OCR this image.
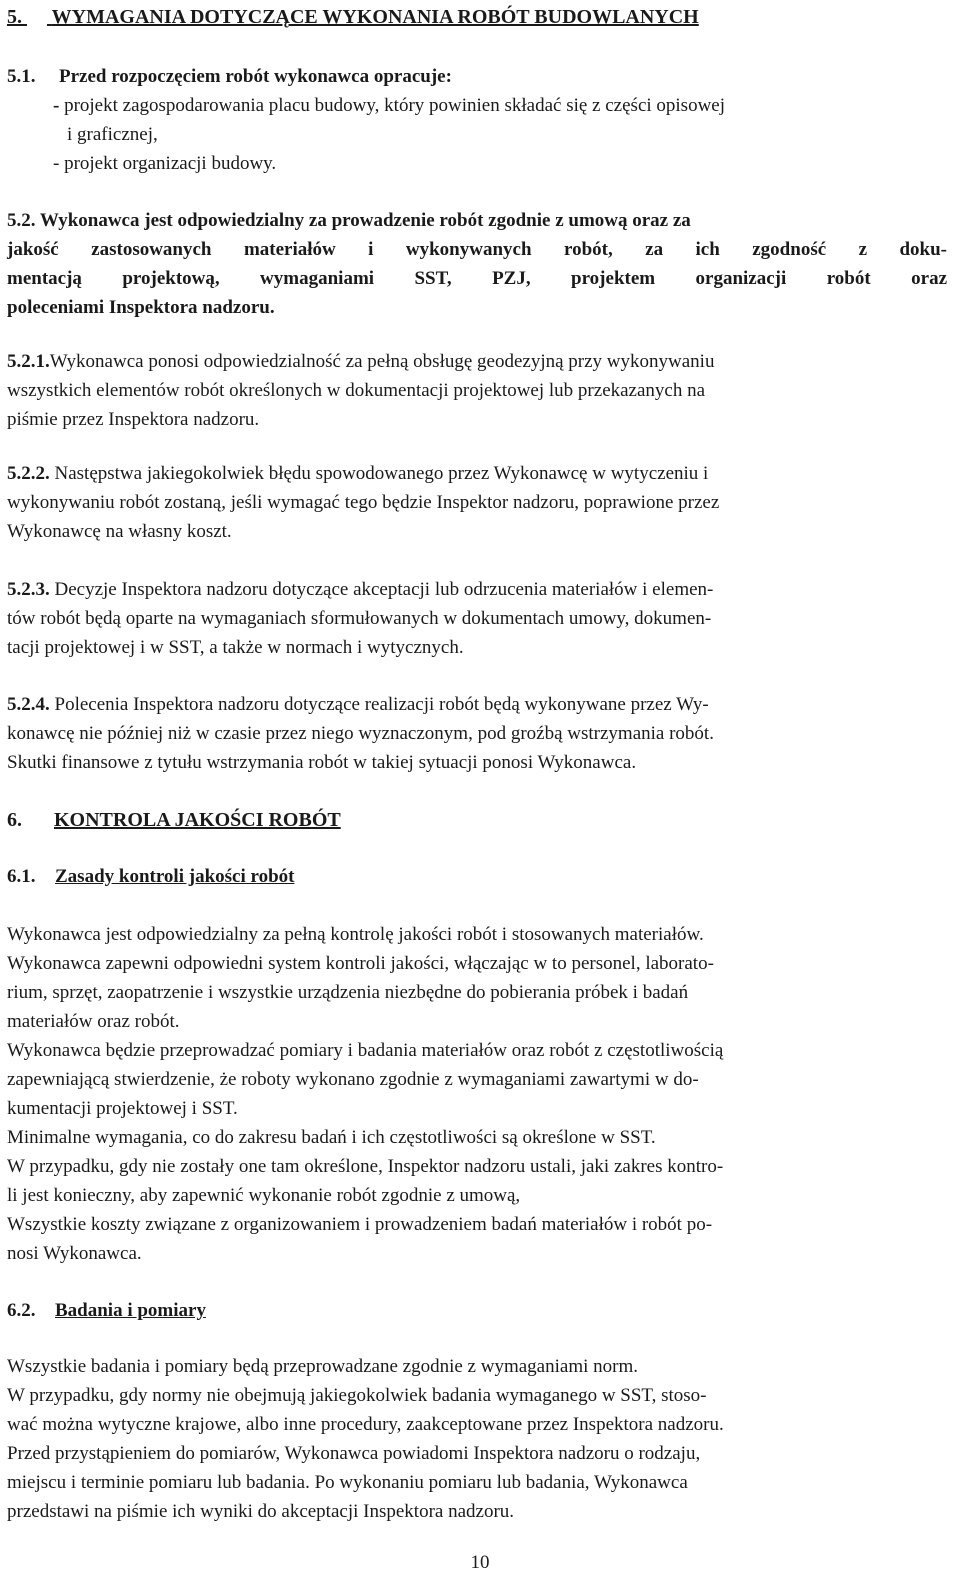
5. WYMAGANIA DOTYCZĄCE WYKONANIA ROBÓT BUDOWLANYCH
5.1. Przed rozpoczęciem robót wykonawca opracuje:
- projekt zagospodarowania placu budowy, który powinien składać się z części opisowej
i graficznej,
- projekt organizacji budowy.
5.2. Wykonawca jest odpowiedzialny za prowadzenie robót zgodnie z umową oraz za
jakość zastosowanych materiałów i wykonywanych robót, za ich zgodność z doku-
mentacją projektową, wymaganiami SST, PZJ, projektem organizacji robót oraz
poleceniami Inspektora nadzoru.
5.2.1.Wykonawca ponosi odpowiedzialność za pełną obsługę geodezyjną przy wykonywaniu
wszystkich elementów robót określonych w dokumentacji projektowej lub przekazanych na
piśmie przez Inspektora nadzoru.
5.2.2. Następstwa jakiegokolwiek błędu spowodowanego przez Wykonawcę w wytyczeniu i
wykonywaniu robót zostaną, jeśli wymagać tego będzie Inspektor nadzoru, poprawione przez
Wykonawcę na własny koszt.
5.2.3. Decyzje Inspektora nadzoru dotyczące akceptacji lub odrzucenia materiałów i elemen-
tów robót będą oparte na wymaganiach sformułowanych w dokumentach umowy, dokumen-
tacji projektowej i w SST, a także w normach i wytycznych.
5.2.4. Polecenia Inspektora nadzoru dotyczące realizacji robót będą wykonywane przez Wy-
konawcę nie później niż w czasie przez niego wyznaczonym, pod groźbą wstrzymania robót.
Skutki finansowe z tytułu wstrzymania robót w takiej sytuacji ponosi Wykonawca.
6. KONTROLA JAKOŚCI ROBÓT
6.1. Zasady kontroli jakości robót
Wykonawca jest odpowiedzialny za pełną kontrolę jakości robót i stosowanych materiałów.
Wykonawca zapewni odpowiedni system kontroli jakości, włączając w to personel, laborato-
rium, sprzęt, zaopatrzenie i wszystkie urządzenia niezbędne do pobierania próbek i badań
materiałów oraz robót.
Wykonawca będzie przeprowadzać pomiary i badania materiałów oraz robót z częstotliwością
zapewniającą stwierdzenie, że roboty wykonano zgodnie z wymaganiami zawartymi w do-
kumentacji projektowej i SST.
Minimalne wymagania, co do zakresu badań i ich częstotliwości są określone w SST.
W przypadku, gdy nie zostały one tam określone, Inspektor nadzoru ustali, jaki zakres kontro-
li jest konieczny, aby zapewnić wykonanie robót zgodnie z umową,
Wszystkie koszty związane z organizowaniem i prowadzeniem badań materiałów i robót po-
nosi Wykonawca.
6.2. Badania i pomiary
Wszystkie badania i pomiary będą przeprowadzane zgodnie z wymaganiami norm.
W przypadku, gdy normy nie obejmują jakiegokolwiek badania wymaganego w SST, stoso-
wać można wytyczne krajowe, albo inne procedury, zaakceptowane przez Inspektora nadzoru.
Przed przystąpieniem do pomiarów, Wykonawca powiadomi Inspektora nadzoru o rodzaju,
miejscu i terminie pomiaru lub badania. Po wykonaniu pomiaru lub badania, Wykonawca
przedstawi na piśmie ich wyniki do akceptacji Inspektora nadzoru.
10
